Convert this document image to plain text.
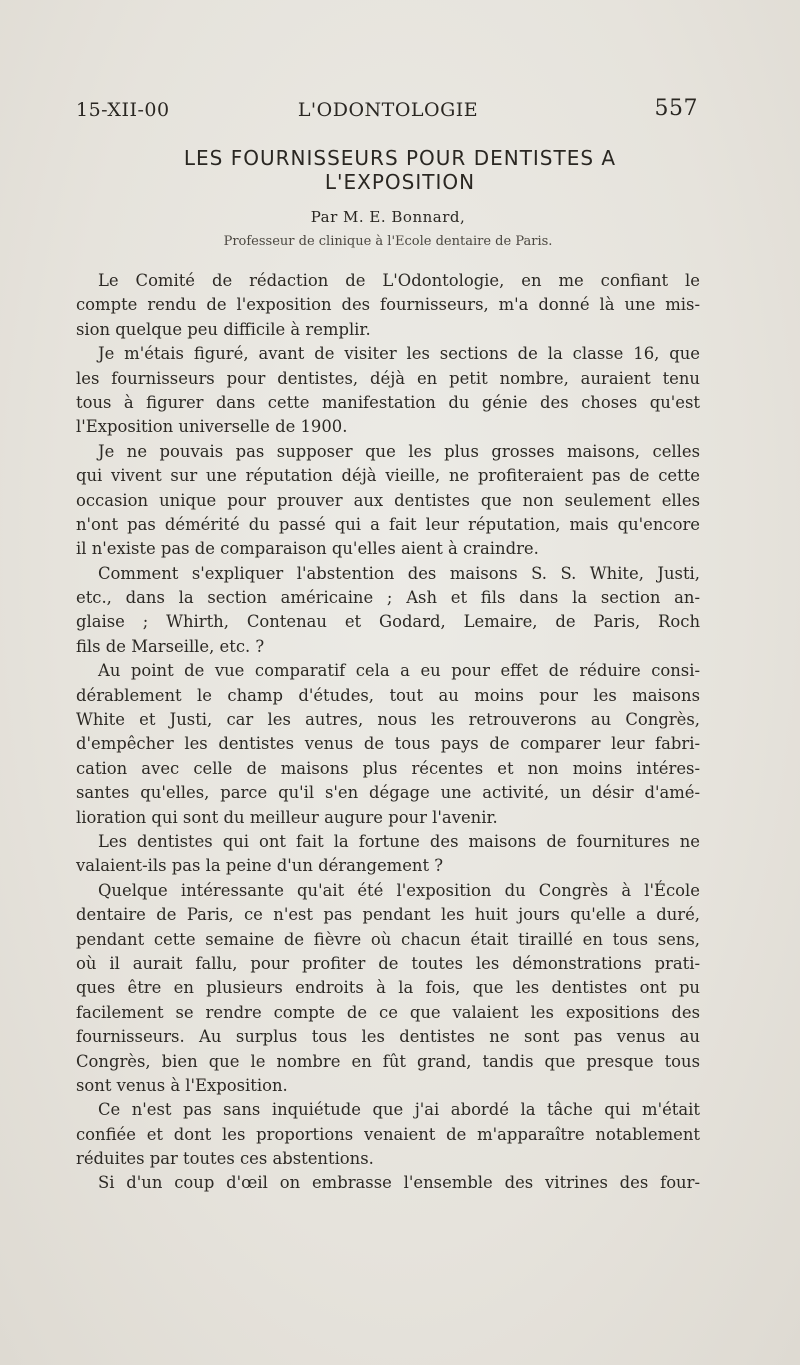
15-XII-00	L'ODONTOLOGIE	557
LES FOURNISSEURS POUR DENTISTES A
L'EXPOSITION
Par M. E. Bonnard,
Professeur de clinique à l'Ecole dentaire de Paris.
Le Comité de rédaction de L'Odontologie, en me confiant le
compte rendu de l'exposition des fournisseurs, m'a donné là une mis-
sion quelque peu difficile à remplir.
Je m'étais figuré, avant de visiter les sections de la classe 16, que
les fournisseurs pour dentistes, déjà en petit nombre, auraient tenu
tous à figurer dans cette manifestation du génie des choses qu'est
l'Exposition universelle de 1900.
Je ne pouvais pas supposer que les plus grosses maisons, celles
qui vivent sur une réputation déjà vieille, ne profiteraient pas de cette
occasion unique pour prouver aux dentistes que non seulement elles
n'ont pas démérité du passé qui a fait leur réputation, mais qu'encore
il n'existe pas de comparaison qu'elles aient à craindre.
Comment s'expliquer l'abstention des maisons S. S. White, Justi,
etc., dans la section américaine ; Ash et fils dans la section an-
glaise ; Whirth, Contenau et Godard, Lemaire, de Paris, Roch
fils de Marseille, etc. ?
Au point de vue comparatif cela a eu pour effet de réduire consi-
dérablement le champ d'études, tout au moins pour les maisons
White et Justi, car les autres, nous les retrouverons au Congrès,
d'empêcher les dentistes venus de tous pays de comparer leur fabri-
cation avec celle de maisons plus récentes et non moins intéres-
santes qu'elles, parce qu'il s'en dégage une activité, un désir d'amé-
lioration qui sont du meilleur augure pour l'avenir.
Les dentistes qui ont fait la fortune des maisons de fournitures ne
valaient-ils pas la peine d'un dérangement ?
Quelque intéressante qu'ait été l'exposition du Congrès à l'École
dentaire de Paris, ce n'est pas pendant les huit jours qu'elle a duré,
pendant cette semaine de fièvre où chacun était tiraillé en tous sens,
où il aurait fallu, pour profiter de toutes les démonstrations prati-
ques être en plusieurs endroits à la fois, que les dentistes ont pu
facilement se rendre compte de ce que valaient les expositions des
fournisseurs. Au surplus tous les dentistes ne sont pas venus au
Congrès, bien que le nombre en fût grand, tandis que presque tous
sont venus à l'Exposition.
Ce n'est pas sans inquiétude que j'ai abordé la tâche qui m'était
confiée et dont les proportions venaient de m'apparaître notablement
réduites par toutes ces abstentions.
Si d'un coup d'œil on embrasse l'ensemble des vitrines des four-
